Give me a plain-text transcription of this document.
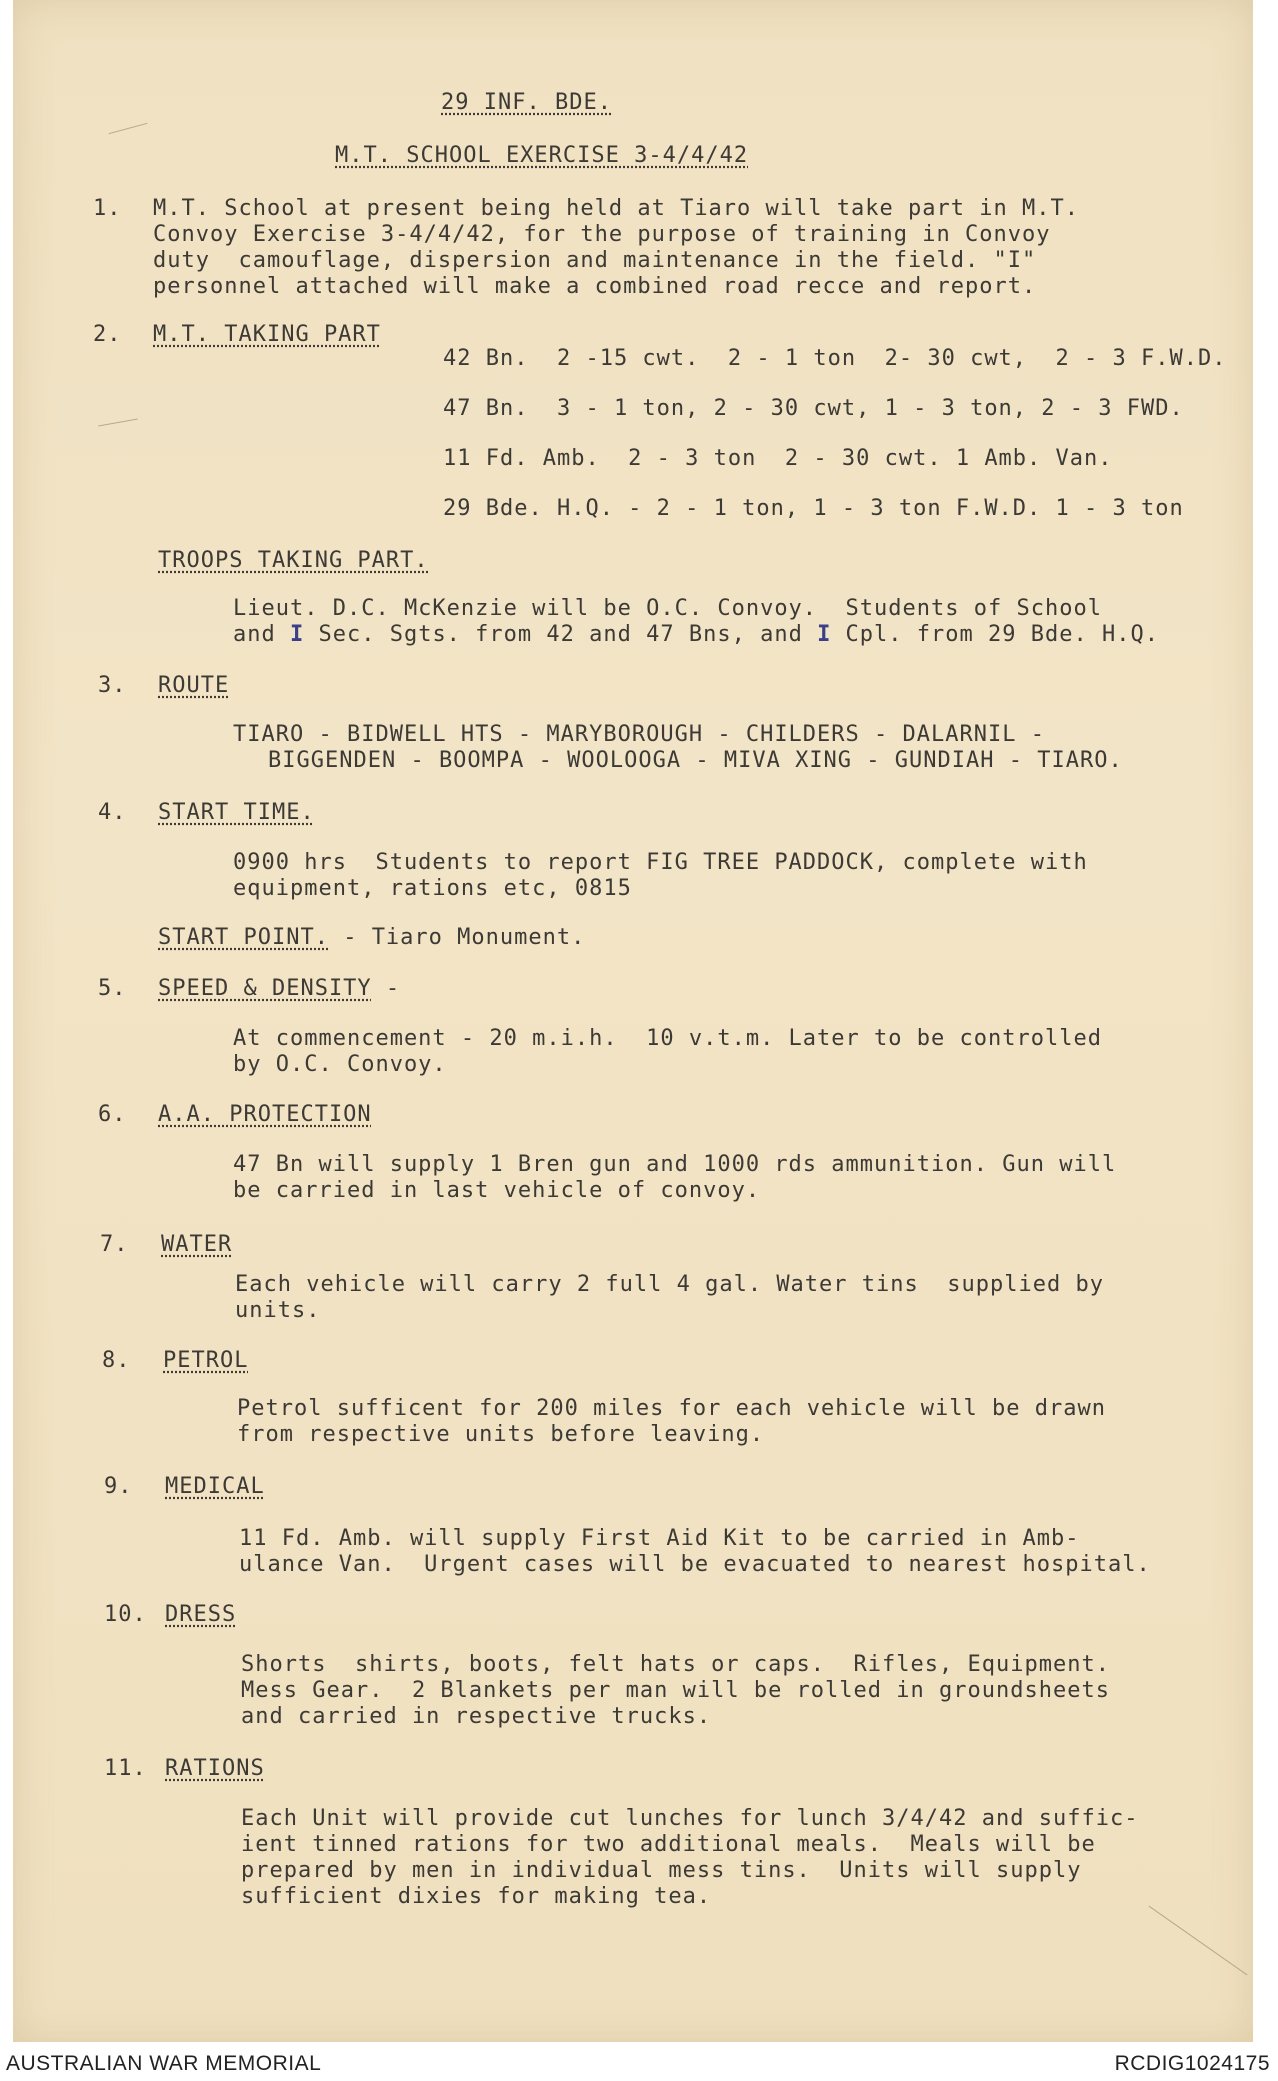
29 INF. BDE.
M.T. SCHOOL EXERCISE 3-4/4/42
1. M.T. School at present being held at Tiaro will take part in M.T.
Convoy Exercise 3-4/4/42, for the purpose of training in Convoy
duty  camouflage, dispersion and maintenance in the field. "I"
personnel attached will make a combined road recce and report.
2. M.T. TAKING PART
42 Bn.  2 -15 cwt.  2 - 1 ton  2- 30 cwt,  2 - 3 F.W.D.
47 Bn.  3 - 1 ton, 2 - 30 cwt, 1 - 3 ton, 2 - 3 FWD.
11 Fd. Amb.  2 - 3 ton  2 - 30 cwt. 1 Amb. Van.
29 Bde. H.Q. - 2 - 1 ton, 1 - 3 ton F.W.D. 1 - 3 ton
TROOPS TAKING PART.
Lieut. D.C. McKenzie will be O.C. Convoy.  Students of School
and I Sec. Sgts. from 42 and 47 Bns, and I Cpl. from 29 Bde. H.Q.
3. ROUTE
TIARO - BIDWELL HTS - MARYBOROUGH - CHILDERS - DALARNIL -
BIGGENDEN - BOOMPA - WOOLOOGA - MIVA XING - GUNDIAH - TIARO.
4. START TIME.
0900 hrs  Students to report FIG TREE PADDOCK, complete with
equipment, rations etc, 0815
START POINT. - Tiaro Monument.
5. SPEED & DENSITY -
At commencement - 20 m.i.h.  10 v.t.m. Later to be controlled
by O.C. Convoy.
6. A.A. PROTECTION
47 Bn will supply 1 Bren gun and 1000 rds ammunition. Gun will
be carried in last vehicle of convoy.
7. WATER
Each vehicle will carry 2 full 4 gal. Water tins  supplied by
units.
8. PETROL
Petrol sufficent for 200 miles for each vehicle will be drawn
from respective units before leaving.
9. MEDICAL
11 Fd. Amb. will supply First Aid Kit to be carried in Amb-
ulance Van.  Urgent cases will be evacuated to nearest hospital.
10. DRESS
Shorts  shirts, boots, felt hats or caps.  Rifles, Equipment.
Mess Gear.  2 Blankets per man will be rolled in groundsheets
and carried in respective trucks.
11. RATIONS
Each Unit will provide cut lunches for lunch 3/4/42 and suffic-
ient tinned rations for two additional meals.  Meals will be
prepared by men in individual mess tins.  Units will supply
sufficient dixies for making tea.
AUSTRALIAN WAR MEMORIAL	RCDIG1024175
